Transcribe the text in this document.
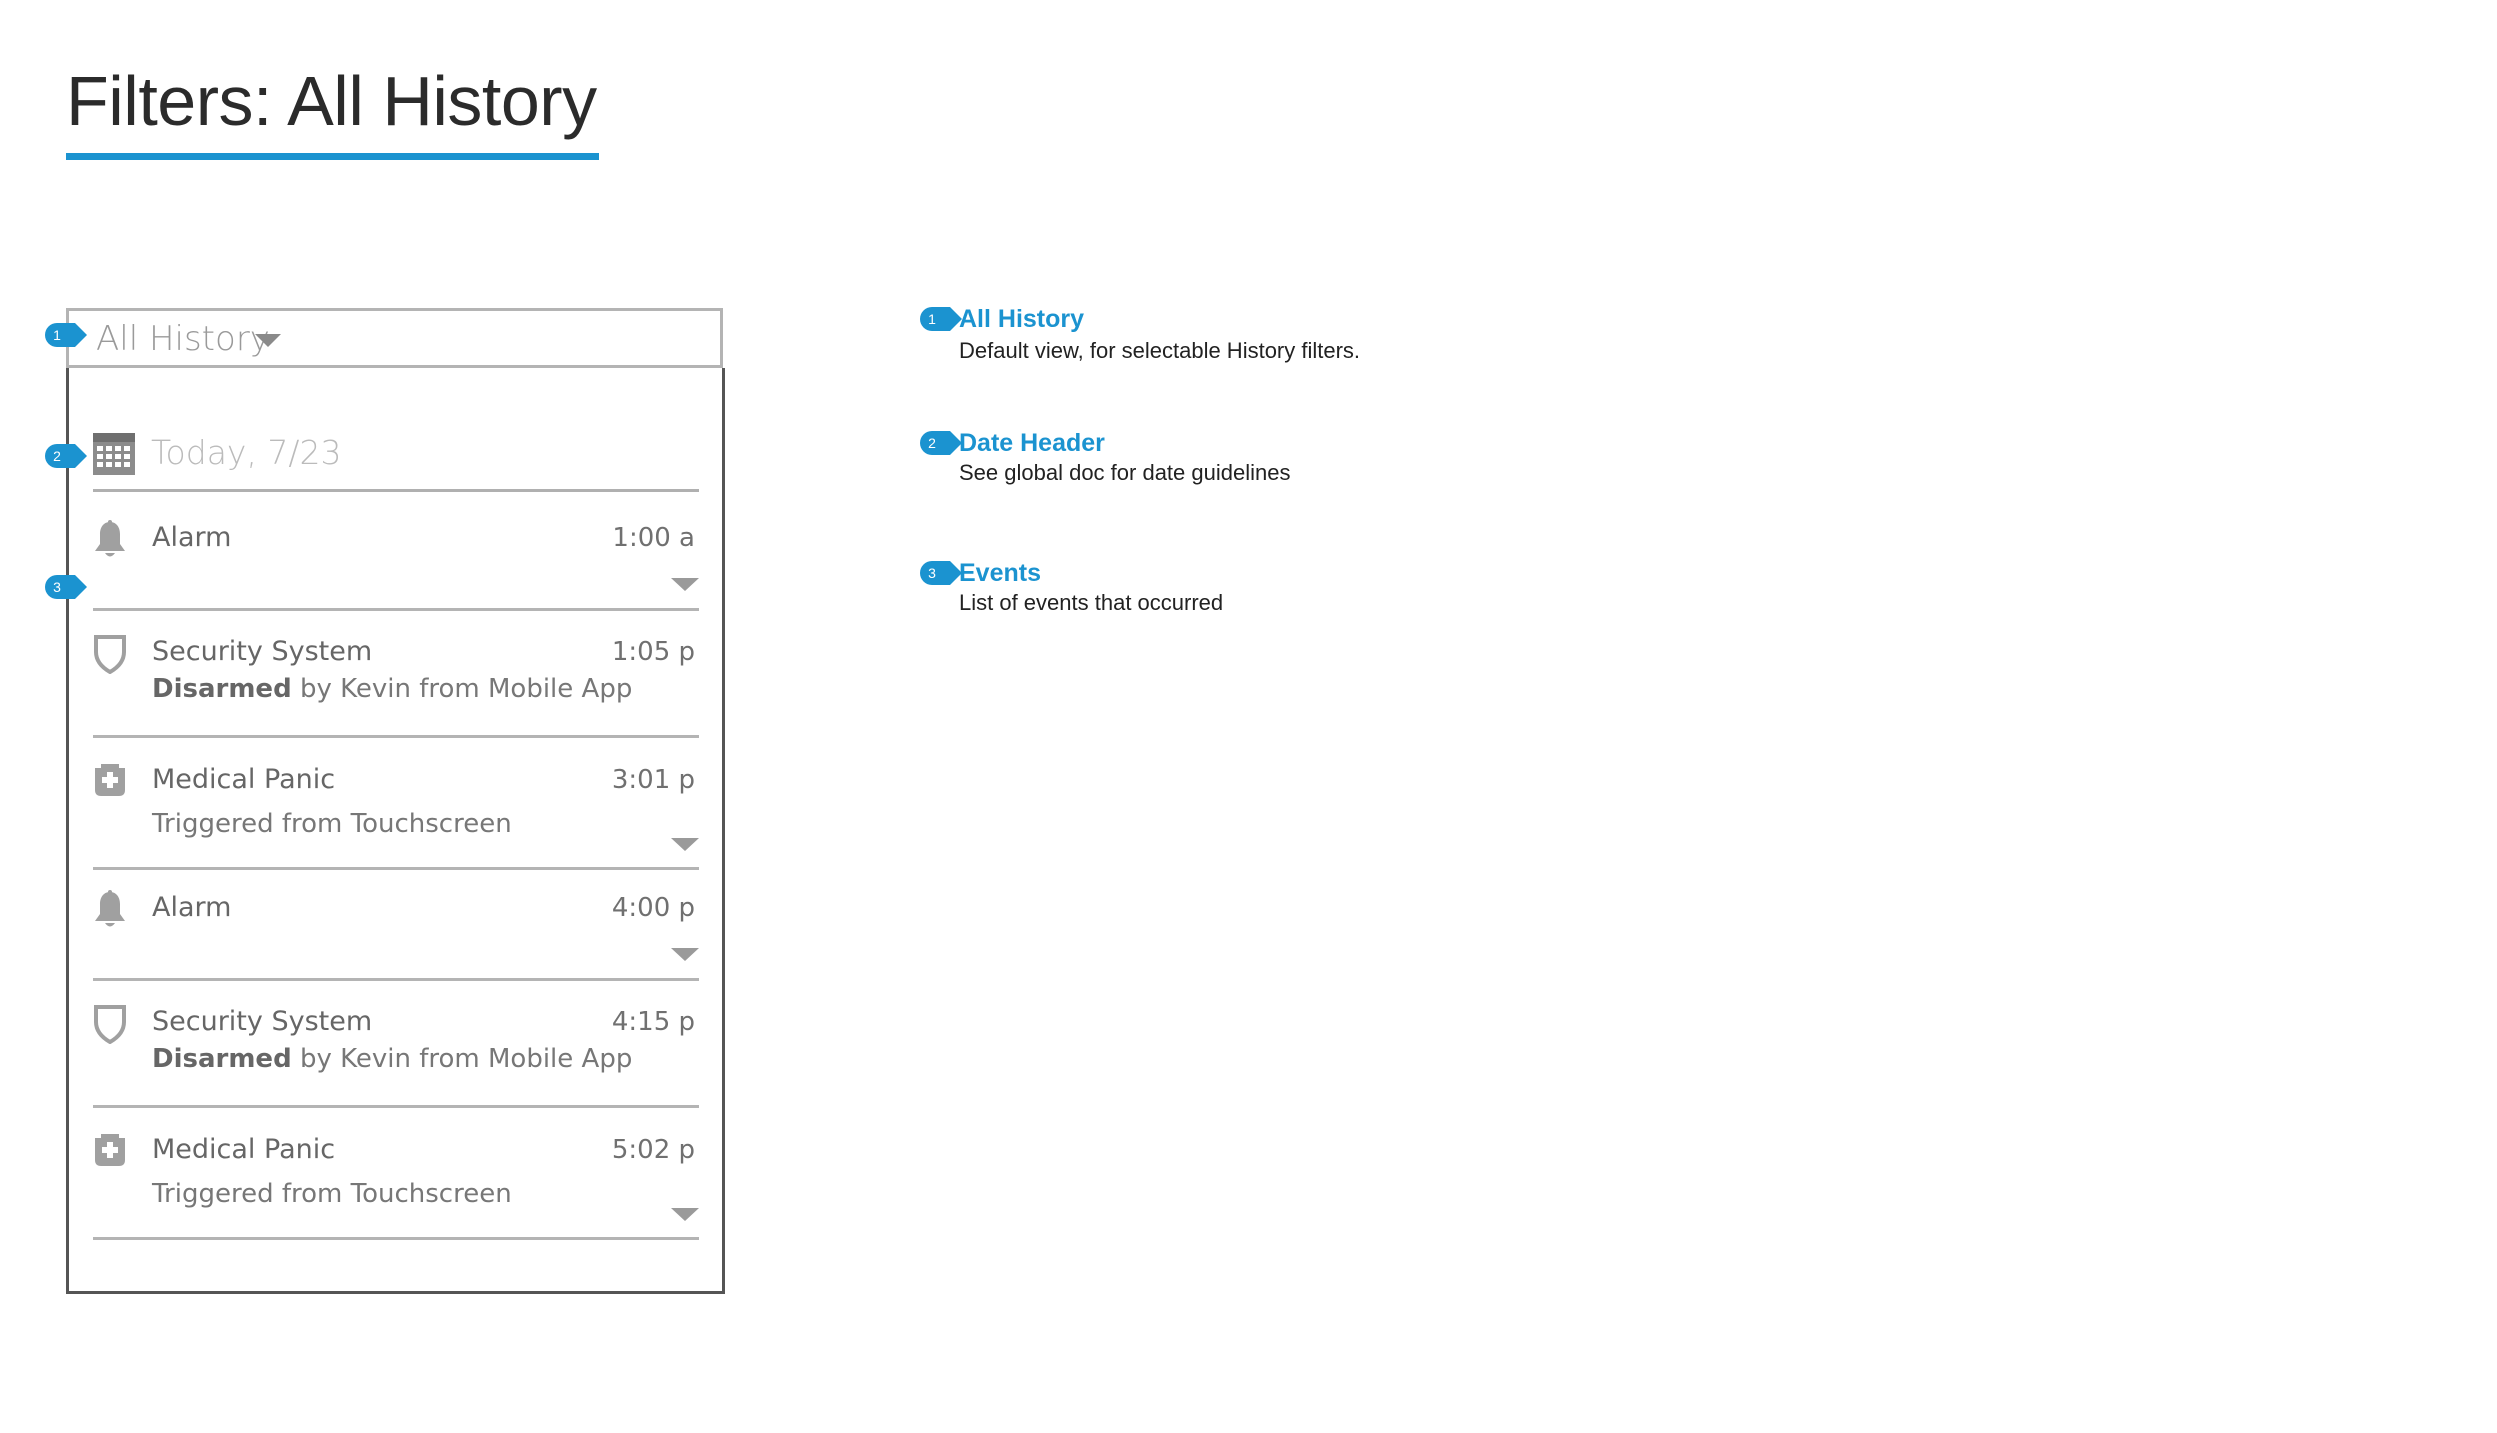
Filters: All History
All History
Today, 7/23
Alarm	1:00 a
Security System	1:05 p
Disarmed by Kevin from Mobile App
Medical Panic	3:01 p
Triggered from Touchscreen
Alarm	4:00 p
Security System	4:15 p
Disarmed by Kevin from Mobile App
Medical Panic	5:02 p
Triggered from Touchscreen
1
2
3
1 All History
Default view, for selectable History filters.
2 Date Header
See global doc for date guidelines
3 Events
List of events that occurred
